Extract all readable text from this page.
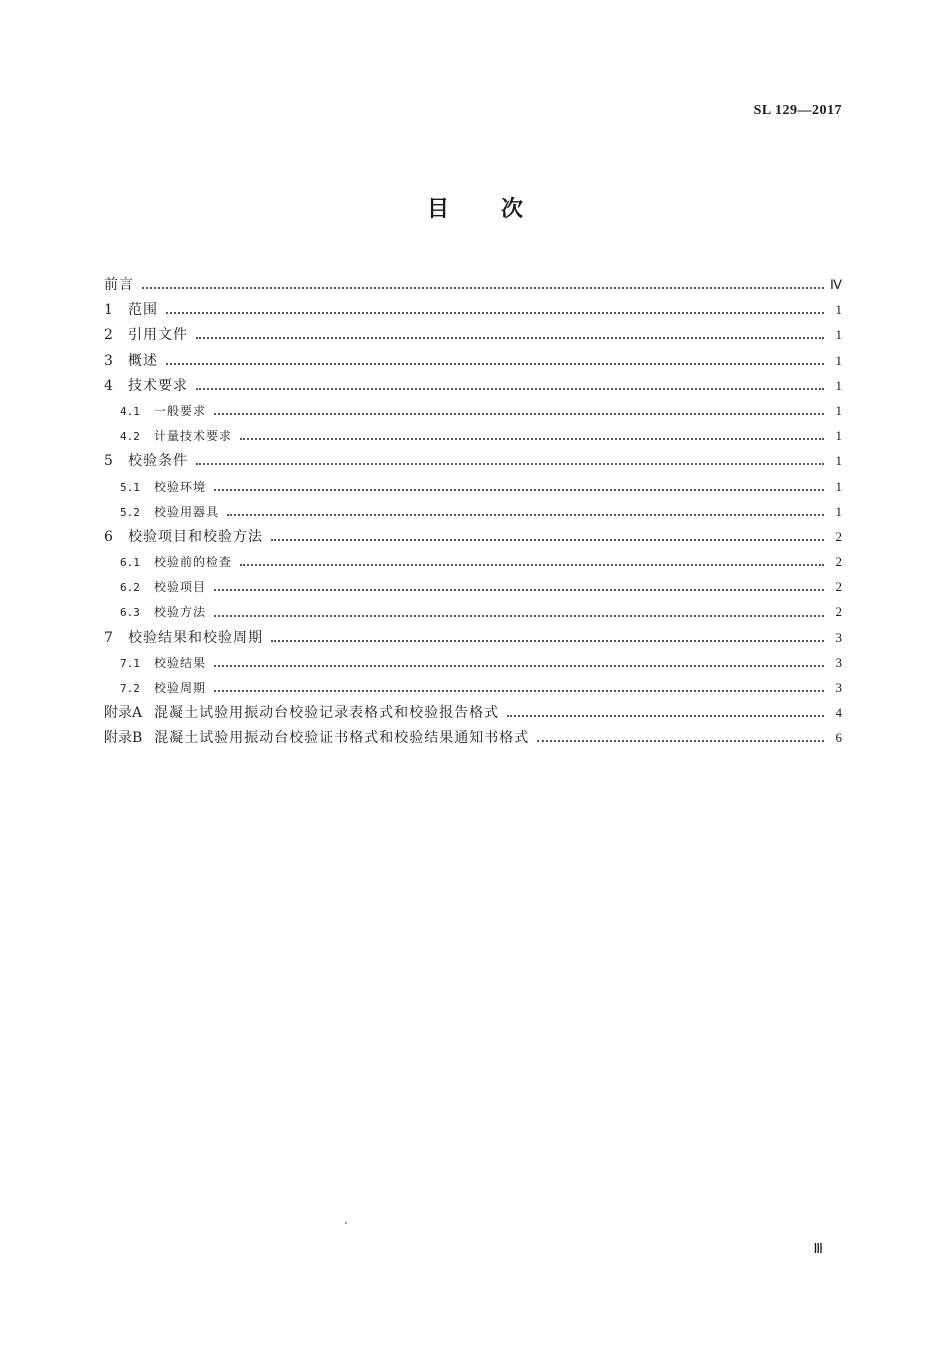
SL 129—2017
目 次
前言	Ⅳ
1	范围	1
2	引用文件	1
3	概述	1
4	技术要求	1
4.1	一般要求	1
4.2	计量技术要求	1
5	校验条件	1
5.1	校验环境	1
5.2	校验用器具	1
6	校验项目和校验方法	2
6.1	校验前的检查	2
6.2	校验项目	2
6.3	校验方法	2
7	校验结果和校验周期	3
7.1	校验结果	3
7.2	校验周期	3
附录A 混凝土试验用振动台校验记录表格式和校验报告格式	4
附录B 混凝土试验用振动台校验证书格式和校验结果通知书格式	6
Ⅲ
